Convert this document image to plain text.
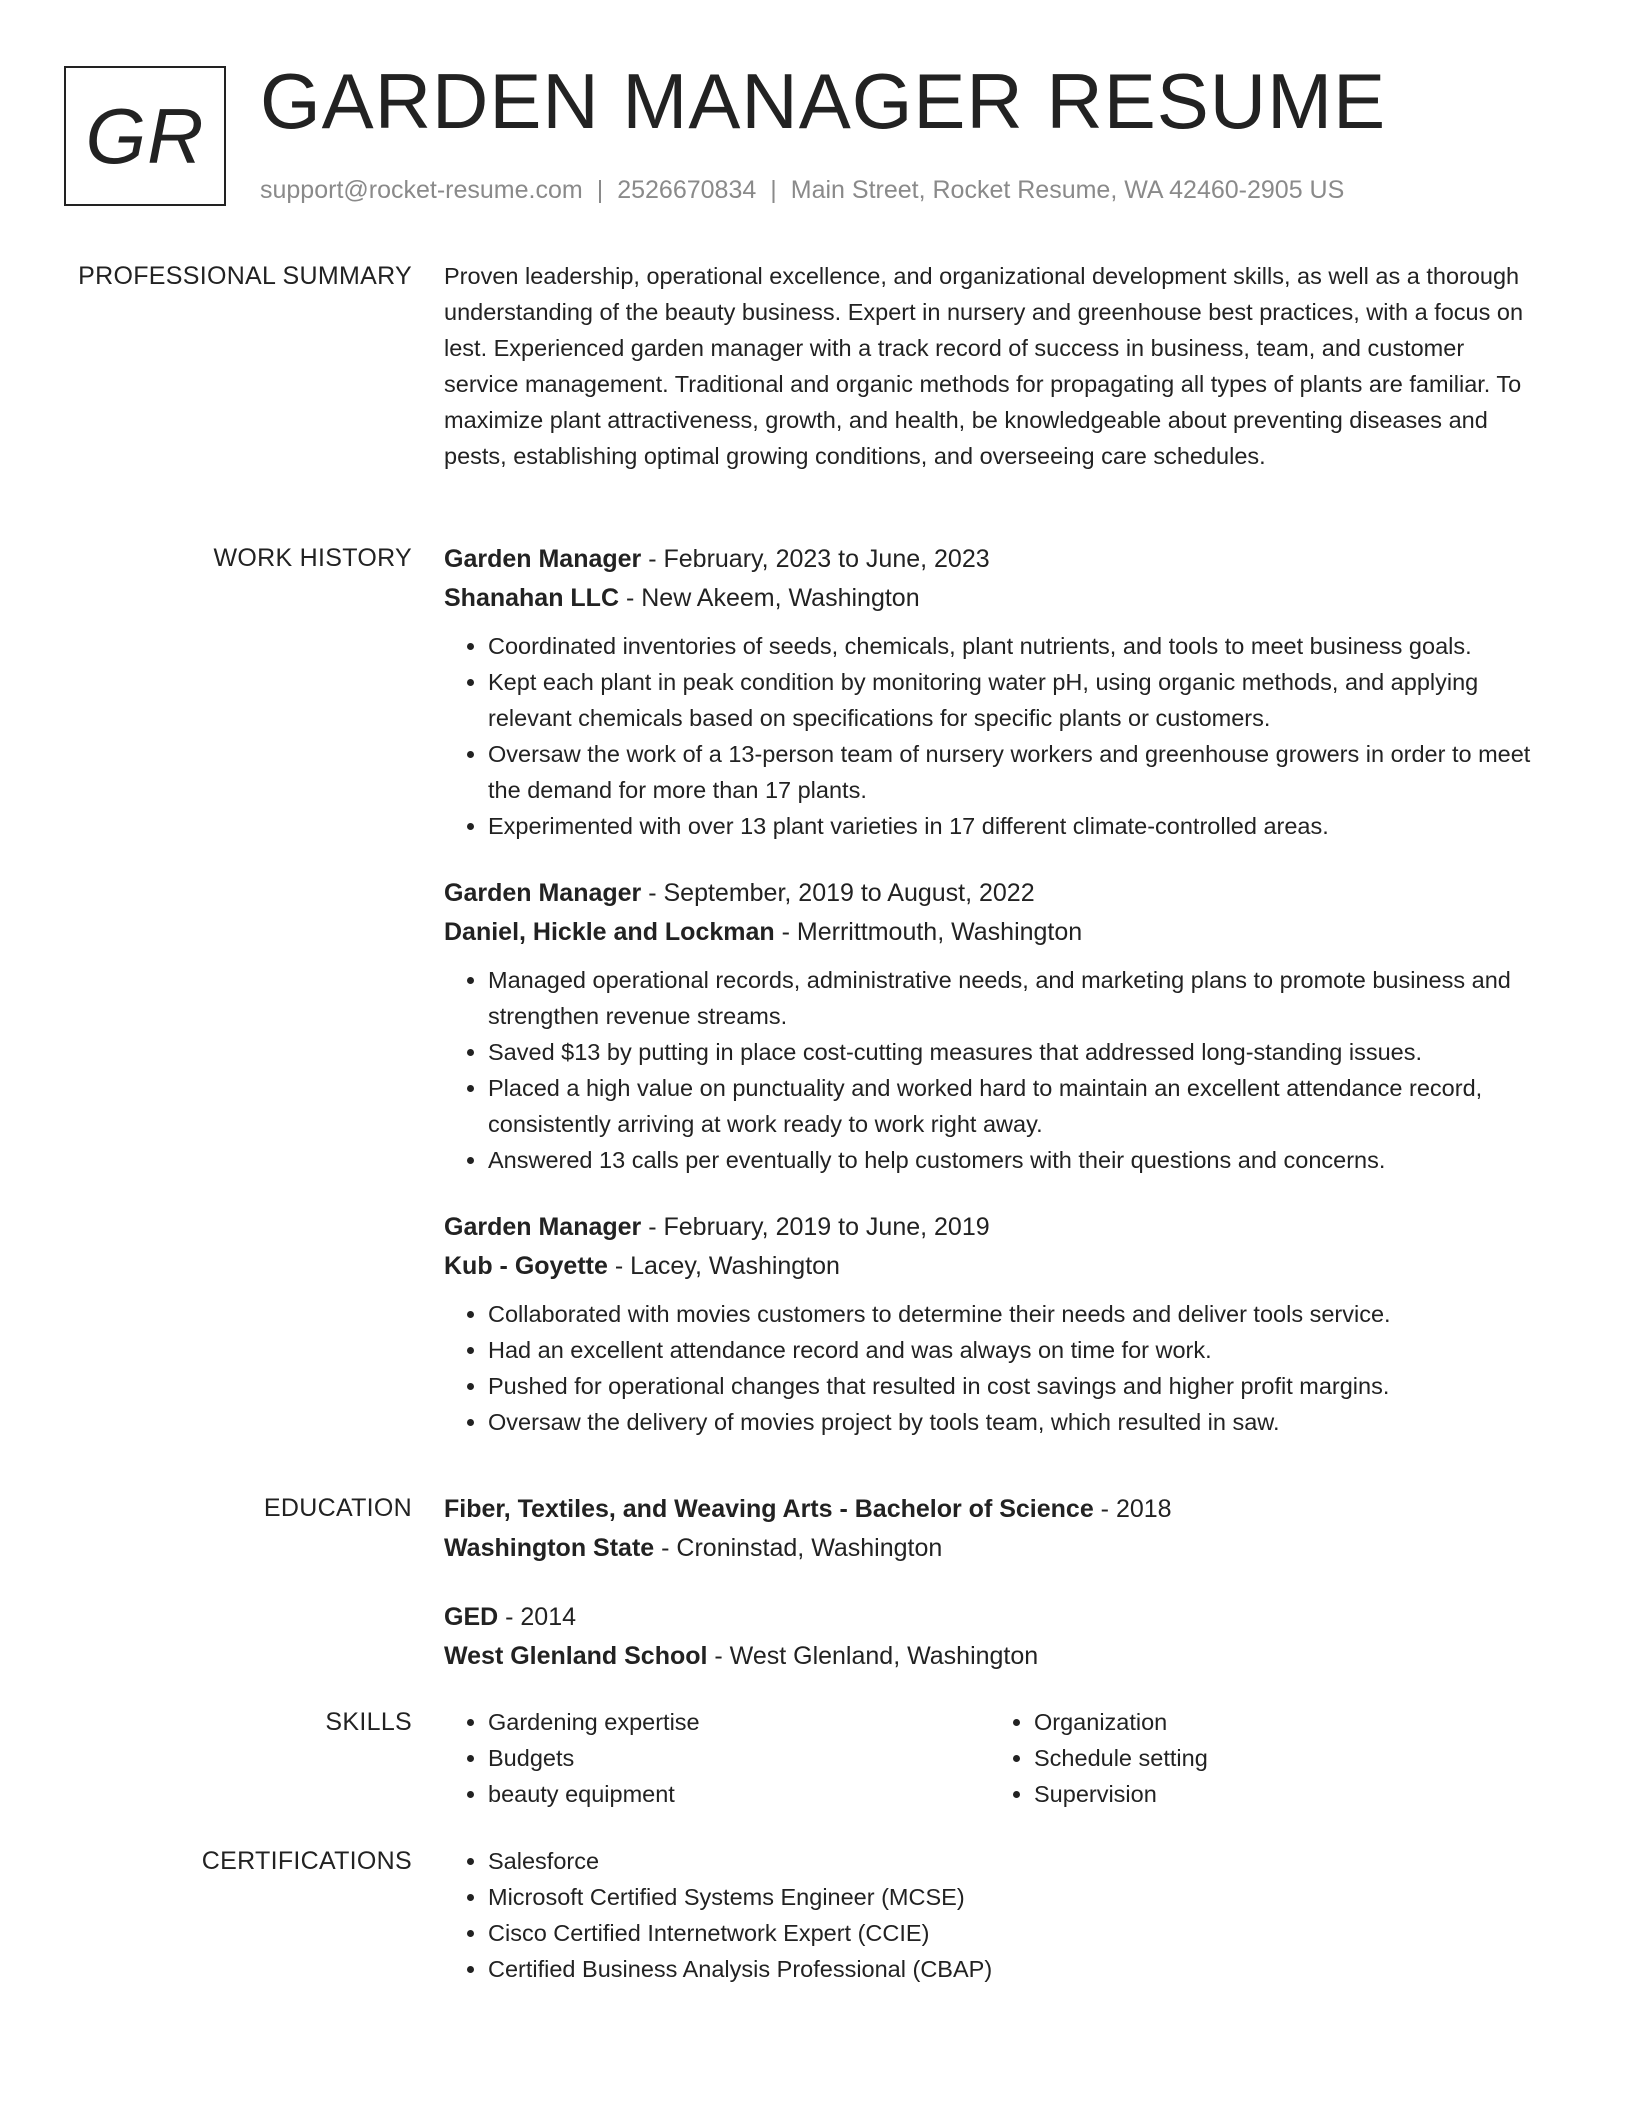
GR GARDEN MANAGER RESUME
support@rocket-resume.com | 2526670834 | Main Street, Rocket Resume, WA 42460-2905 US
PROFESSIONAL SUMMARY Proven leadership, operational excellence, and organizational development skills, as well as a thorough understanding of the beauty business. Expert in nursery and greenhouse best practices, with a focus on lest. Experienced garden manager with a track record of success in business, team, and customer service management. Traditional and organic methods for propagating all types of plants are familiar. To maximize plant attractiveness, growth, and health, be knowledgeable about preventing diseases and pests, establishing optimal growing conditions, and overseeing care schedules.

WORK HISTORY Garden Manager - February, 2023 to June, 2023

Shanahan LLC - New Akeem, Washington

• Coordinated inventories of seeds, chemicals, plant nutrients, and tools to meet business goals.
• Kept each plant in peak condition by monitoring water pH, using organic methods, and applying relevant chemicals based on specifications for specific plants or customers.
• Oversaw the work of a 13-person team of nursery workers and greenhouse growers in order to meet the demand for more than 17 plants.
• Experimented with over 13 plant varieties in 17 different climate-controlled areas.

Garden Manager - September, 2019 to August, 2022

Daniel, Hickle and Lockman - Merrittmouth, Washington

• Managed operational records, administrative needs, and marketing plans to promote business and strengthen revenue streams.
• Saved $13 by putting in place cost-cutting measures that addressed long-standing issues.
• Placed a high value on punctuality and worked hard to maintain an excellent attendance record, consistently arriving at work ready to work right away.
• Answered 13 calls per eventually to help customers with their questions and concerns.

Garden Manager - February, 2019 to June, 2019

Kub - Goyette - Lacey, Washington

• Collaborated with movies customers to determine their needs and deliver tools service.
• Had an excellent attendance record and was always on time for work.
• Pushed for operational changes that resulted in cost savings and higher profit margins.
• Oversaw the delivery of movies project by tools team, which resulted in saw.
EDUCATION Fiber, Textiles, and Weaving Arts - Bachelor of Science - 2018

Washington State - Croninstad, Washington

GED - 2014

West Glenland School - West Glenland, Washington

SKILLS	• Gardening expertise
• Budgets
• beauty equipment
• Organization
• Schedule setting
• Supervision
CERTIFICATIONS	• Salesforce
• Microsoft Certified Systems Engineer (MCSE)
• Cisco Certified Internetwork Expert (CCIE)
• Certified Business Analysis Professional (CBAP)
